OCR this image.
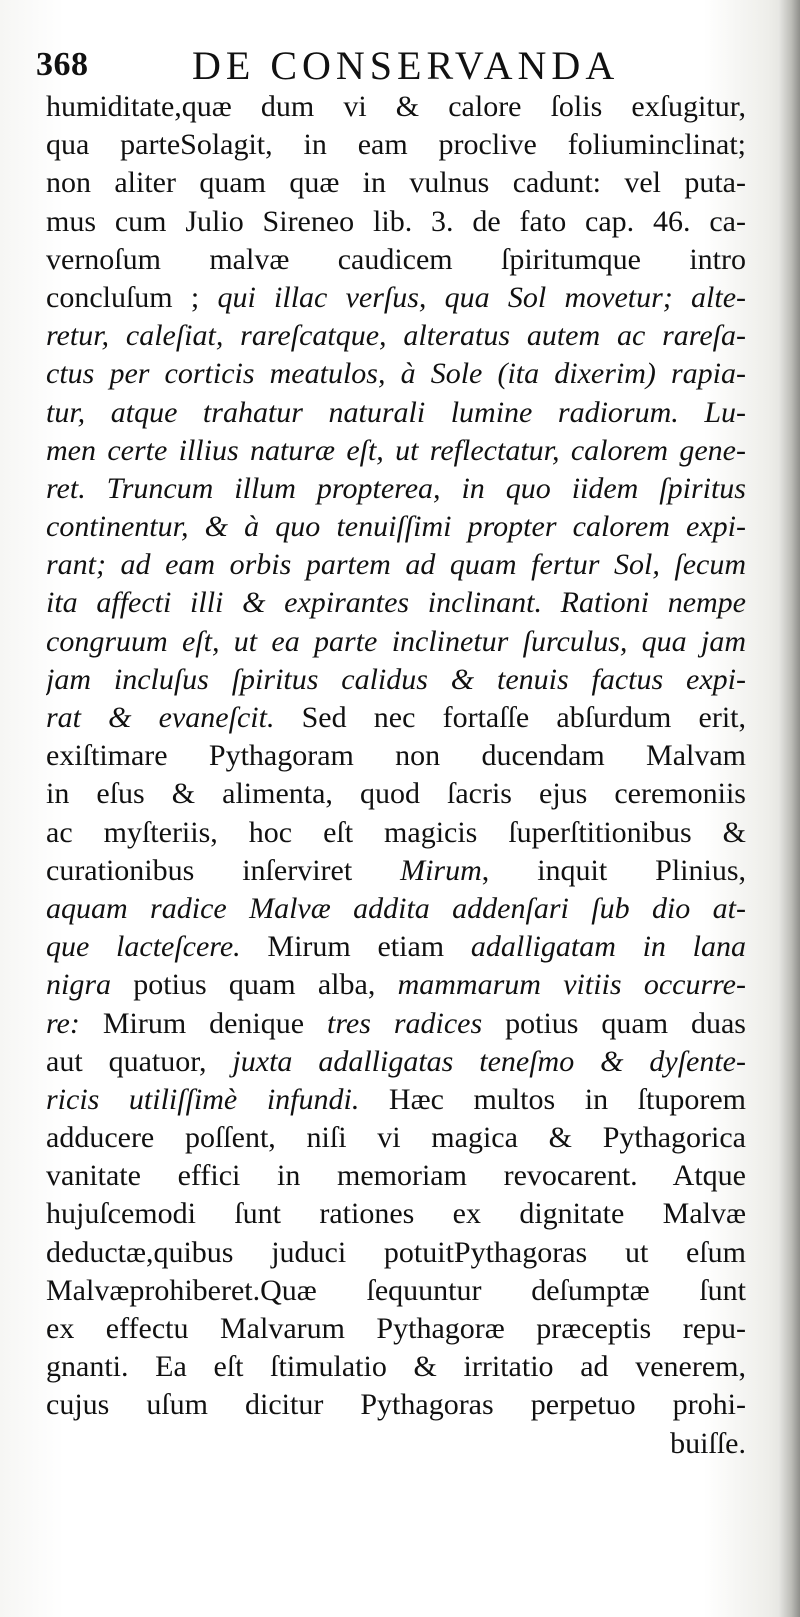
368	DE CONSERVANDA
humiditate,quæ dum vi & calore ſolis exſugitur,
qua parteSolagit, in eam proclive foliuminclinat;
non aliter quam quæ in vulnus cadunt: vel puta-
mus cum Julio Sireneo lib. 3. de fato cap. 46. ca-
vernoſum malvæ caudicem ſpiritumque intro
concluſum ; qui illac verſus, qua Sol movetur; alte-
retur, caleſiat, rareſcatque, alteratus autem ac rareſa-
ctus per corticis meatulos, à Sole (ita dixerim) rapia-
tur, atque trahatur naturali lumine radiorum. Lu-
men certe illius naturæ eſt, ut reflectatur, calorem gene-
ret. Truncum illum propterea, in quo iidem ſpiritus
continentur, & à quo tenuiſſimi propter calorem expi-
rant; ad eam orbis partem ad quam fertur Sol, ſecum
ita affecti illi & expirantes inclinant. Rationi nempe
congruum eſt, ut ea parte inclinetur ſurculus, qua jam
jam incluſus ſpiritus calidus & tenuis factus expi-
rat & evaneſcit. Sed nec fortaſſe abſurdum erit,
exiſtimare Pythagoram non ducendam Malvam
in eſus & alimenta, quod ſacris ejus ceremoniis
ac myſteriis, hoc eſt magicis ſuperſtitionibus &
curationibus inſerviret Mirum, inquit Plinius,
aquam radice Malvæ addita addenſari ſub dio at-
que lacteſcere. Mirum etiam adalligatam in lana
nigra potius quam alba, mammarum vitiis occurre-
re: Mirum denique tres radices potius quam duas
aut quatuor, juxta adalligatas teneſmo & dyſente-
ricis utiliſſimè infundi. Hæc multos in ſtuporem
adducere poſſent, niſi vi magica & Pythagorica
vanitate effici in memoriam revocarent. Atque
hujuſcemodi ſunt rationes ex dignitate Malvæ
deductæ,quibus juduci potuitPythagoras ut eſum
Malvæprohiberet.Quæ ſequuntur deſumptæ ſunt
ex effectu Malvarum Pythagoræ præceptis repu-
gnanti. Ea eſt ſtimulatio & irritatio ad venerem,
cujus uſum dicitur Pythagoras perpetuo prohi-
buiſſe.
